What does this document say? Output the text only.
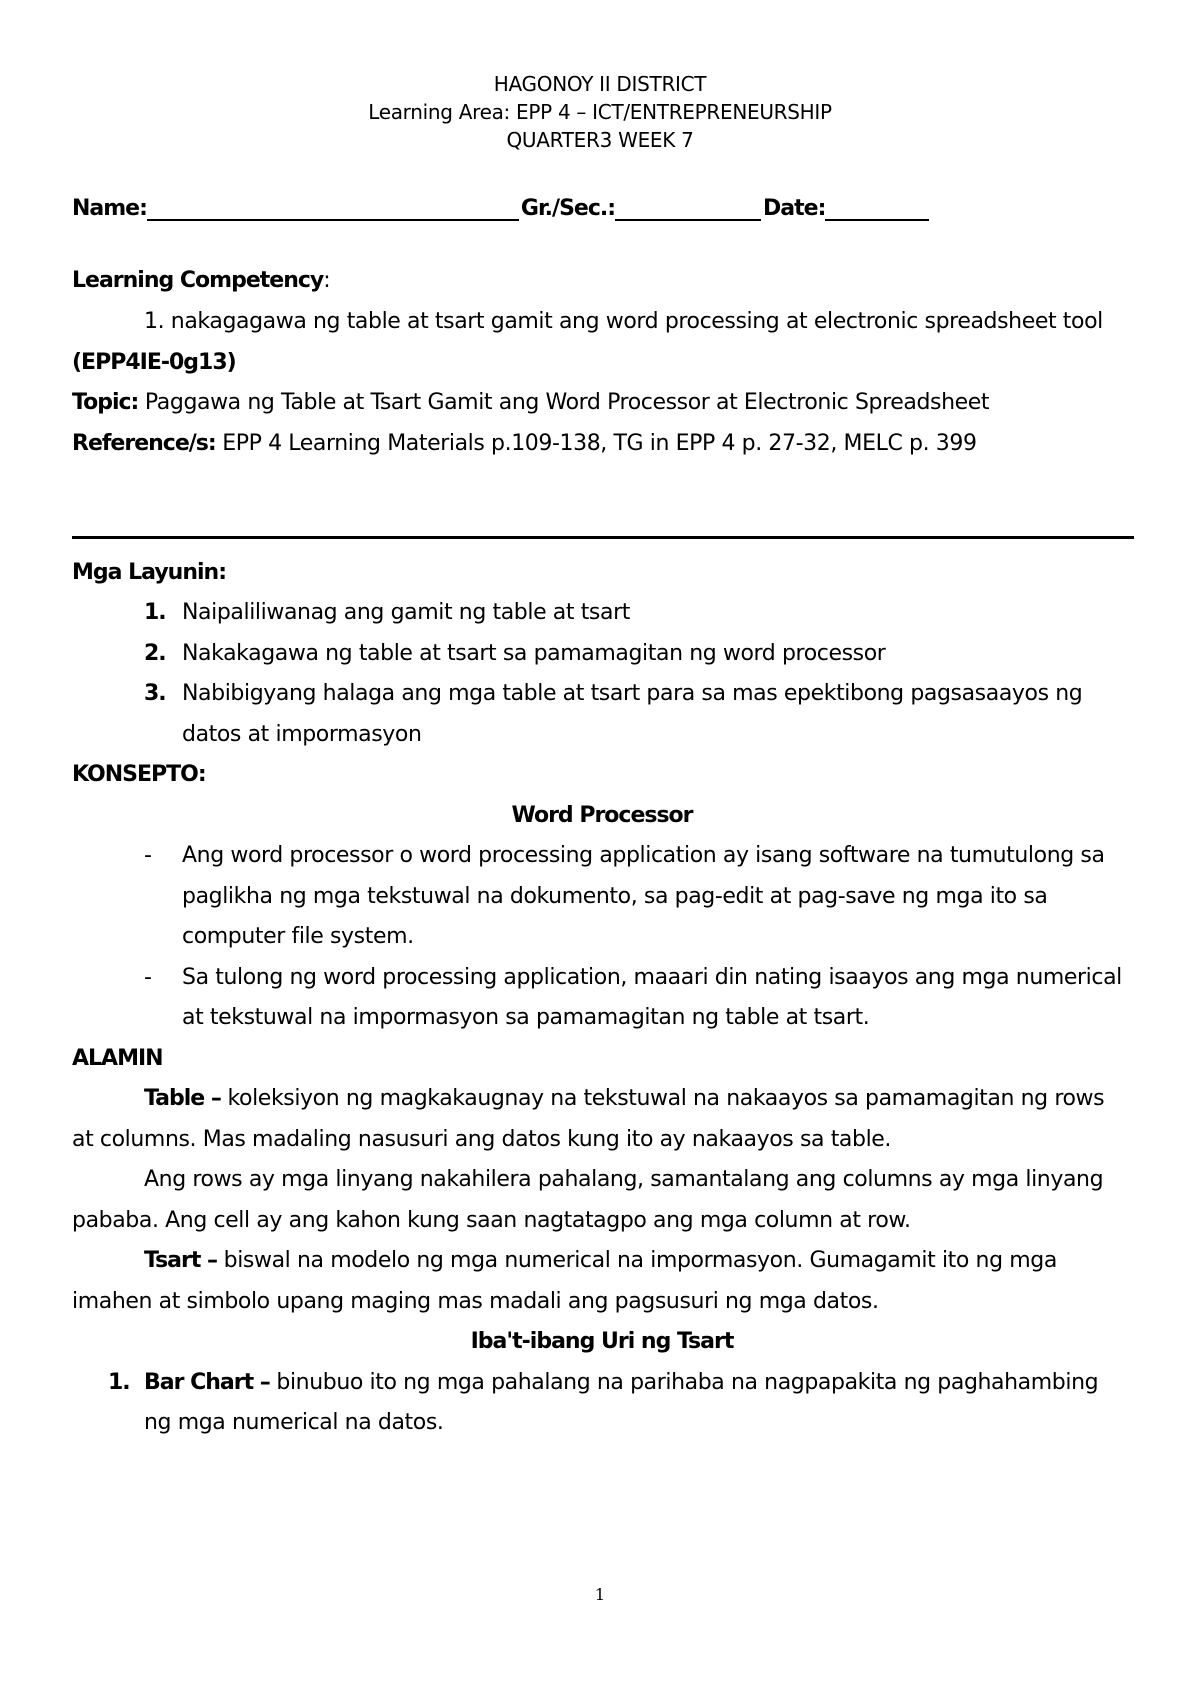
HAGONOY II DISTRICT
Learning Area: EPP 4 – ICT/ENTREPRENEURSHIP
QUARTER3 WEEK 7
Name:	Gr./Sec.:	Date:
Learning Competency:
1. nakagagawa ng table at tsart gamit ang word processing at electronic spreadsheet tool
(EPP4IE-0g13)
Topic: Paggawa ng Table at Tsart Gamit ang Word Processor at Electronic Spreadsheet
Reference/s: EPP 4 Learning Materials p.109-138, TG in EPP 4 p. 27-32, MELC p. 399
Mga Layunin:
1. Naipaliliwanag ang gamit ng table at tsart
2. Nakakagawa ng table at tsart sa pamamagitan ng word processor
3. Nabibigyang halaga ang mga table at tsart para sa mas epektibong pagsasaayos ng
datos at impormasyon
KONSEPTO:
Word Processor
- Ang word processor o word processing application ay isang software na tumutulong sa
paglikha ng mga tekstuwal na dokumento, sa pag-edit at pag-save ng mga ito sa
computer file system.
- Sa tulong ng word processing application, maaari din nating isaayos ang mga numerical
at tekstuwal na impormasyon sa pamamagitan ng table at tsart.
ALAMIN
Table – koleksiyon ng magkakaugnay na tekstuwal na nakaayos sa pamamagitan ng rows
at columns. Mas madaling nasusuri ang datos kung ito ay nakaayos sa table.
Ang rows ay mga linyang nakahilera pahalang, samantalang ang columns ay mga linyang
pababa. Ang cell ay ang kahon kung saan nagtatagpo ang mga column at row.
Tsart – biswal na modelo ng mga numerical na impormasyon. Gumagamit ito ng mga
imahen at simbolo upang maging mas madali ang pagsusuri ng mga datos.
Iba't-ibang Uri ng Tsart
1. Bar Chart – binubuo ito ng mga pahalang na parihaba na nagpapakita ng paghahambing
ng mga numerical na datos.
1
